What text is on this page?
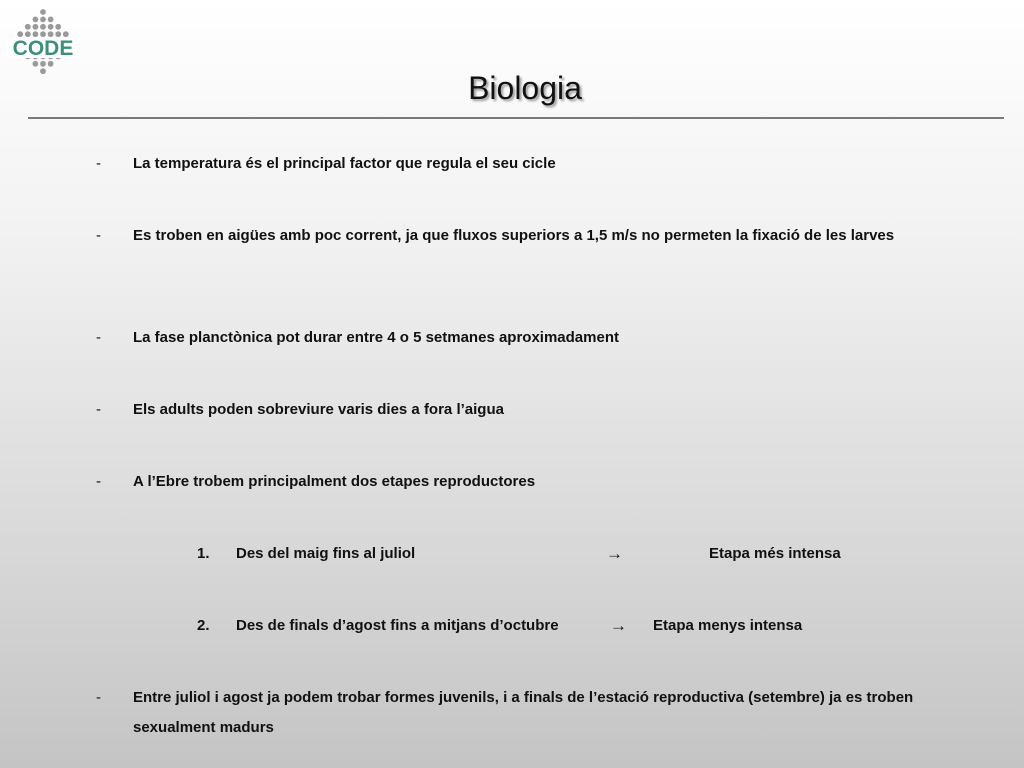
CODE
Biologia
- La temperatura és el principal factor que regula el seu cicle
- Es troben en aigües amb poc corrent, ja que fluxos superiors a 1,5 m/s no permeten la fixació de les larves
- La fase planctònica pot durar entre 4 o 5 setmanes aproximadament
- Els adults poden sobreviure varis dies a fora l’aigua
- A l’Ebre trobem principalment dos etapes reproductores
1. Des del maig fins al juliol	→	Etapa més intensa
2. Des de finals d’agost fins a mitjans d’octubre	→ Etapa menys intensa
- Entre juliol i agost ja podem trobar formes juvenils, i a finals de l’estació reproductiva (setembre) ja es troben sexualment madurs
